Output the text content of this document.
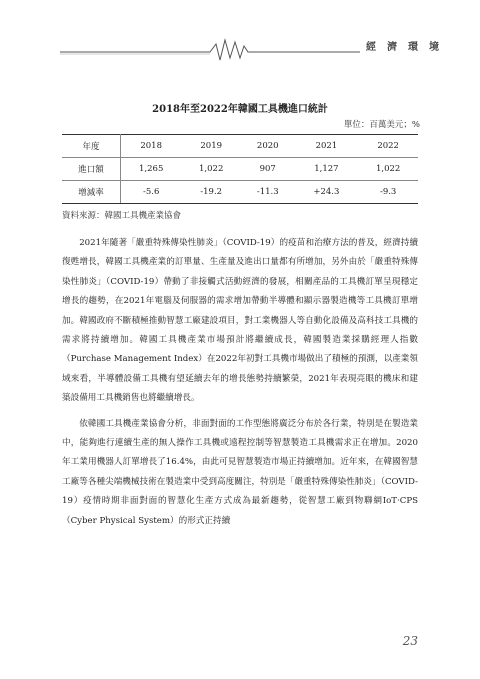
經濟環境
2018年至2022年韓國工具機進口統計
單位：百萬美元；%
年度	2018	2019	2020	2021	2022
進口額	1,265	1,022	907	1,127	1,022
增減率	-5.6	-19.2	-11.3	+24.3	-9.3
資料來源：韓國工具機產業協會

2021年隨著「嚴重特殊傳染性肺炎」（COVID-19）的疫苗和治療方法的普及，經濟持續復甦增長，韓國工具機產業的訂單量、生產量及進出口量都有所增加，另外由於「嚴重特殊傳染性肺炎」（COVID-19）帶動了非接觸式活動經濟的發展，相關產品的工具機訂單呈現穩定增長的趨勢，在2021年電腦及伺服器的需求增加帶動半導體和顯示器製造機等工具機訂單增加。韓國政府不斷積極推動智慧工廠建設項目，對工業機器人等自動化設備及高科技工具機的需求將持續增加。韓國工具機產業市場預計將繼續成長，韓國製造業採購經理人指數（Purchase Management Index）在2022年初對工具機市場做出了積極的預測，以產業領域來看，半導體設備工具機有望延續去年的增長態勢持續繁榮，2021年表現亮眼的機床和建築設備用工具機銷售也將繼續增長。

依韓國工具機產業協會分析，非面對面的工作型態將廣泛分布於各行業，特別是在製造業中，能夠進行連續生產的無人操作工具機或遠程控制等智慧製造工具機需求正在增加。2020年工業用機器人訂單增長了16.4%，由此可見智慧製造市場正持續增加。近年來，在韓國智慧工廠等各種尖端機械技術在製造業中受到高度關注，特別是「嚴重特殊傳染性肺炎」（COVID-19）疫情時期非面對面的智慧化生產方式成為最新趨勢，從智慧工廠到物聯網IoT·CPS（Cyber Physical System）的形式正持續

23
